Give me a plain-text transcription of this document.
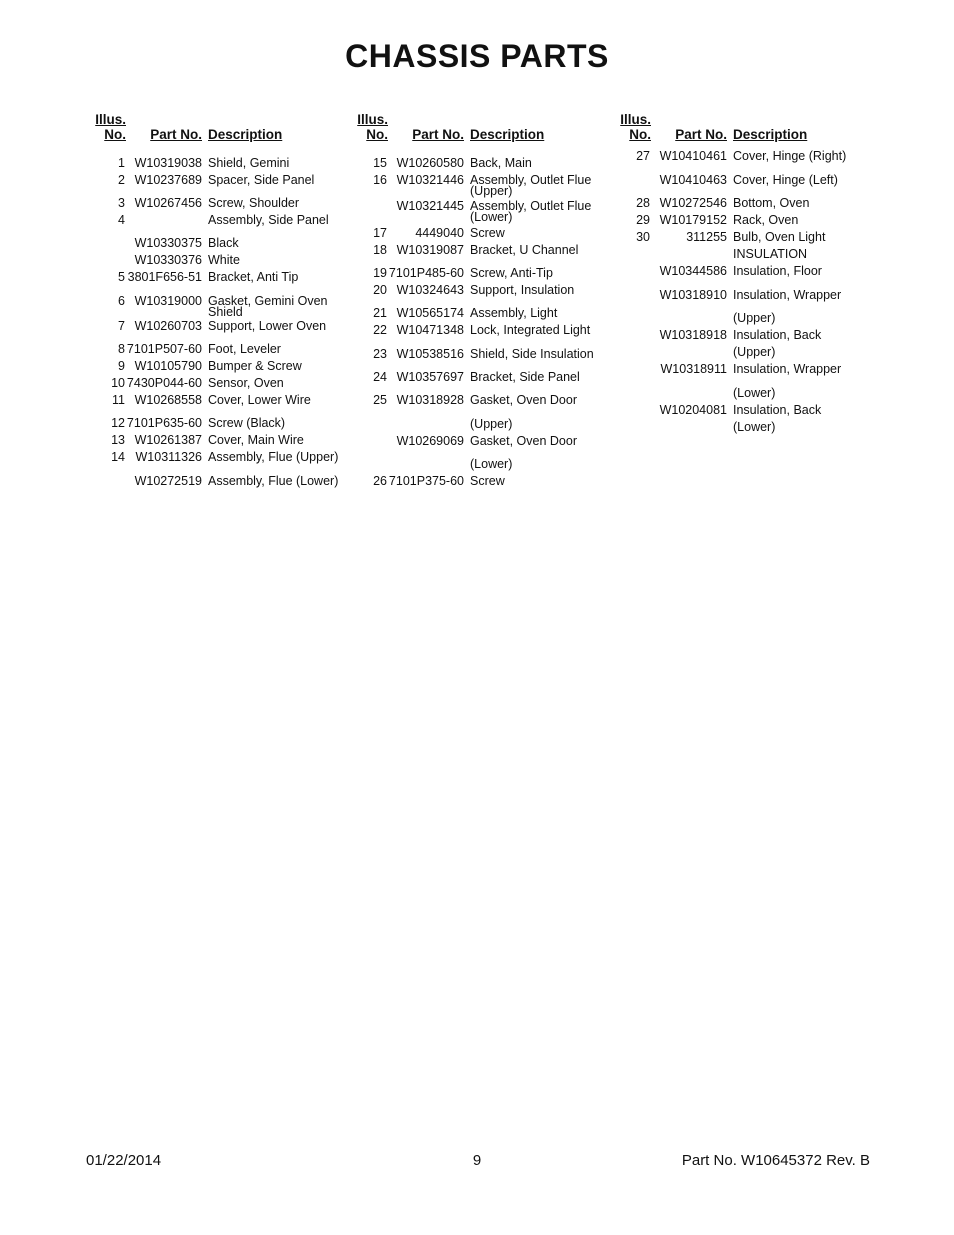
CHASSIS PARTS
Illus.
No.	Part No. Description
1 W10319038 Shield, Gemini
2 W10237689 Spacer, Side Panel
3 W10267456 Screw, Shoulder
4	Assembly, Side Panel
W10330375 Black
W10330376 White
5 3801F656-51 Bracket, Anti Tip
6 W10319000 Gasket, Gemini Oven
Shield
7 W10260703 Support, Lower Oven
8 7101P507-60 Foot, Leveler
9 W10105790 Bumper & Screw
10 7430P044-60 Sensor, Oven
11 W10268558 Cover, Lower Wire
12 7101P635-60 Screw (Black)
13 W10261387 Cover, Main Wire
14 W10311326 Assembly, Flue (Upper)
W10272519 Assembly, Flue (Lower)
Illus.
No.	Part No. Description
15 W10260580 Back, Main
16 W10321446 Assembly, Outlet Flue
(Upper)
W10321445 Assembly, Outlet Flue
(Lower)
17	4449040 Screw
18 W10319087 Bracket, U Channel
19 7101P485-60 Screw, Anti-Tip
20 W10324643 Support, Insulation
21 W10565174 Assembly, Light
22 W10471348 Lock, Integrated Light
23 W10538516 Shield, Side Insulation
24 W10357697 Bracket, Side Panel
25 W10318928 Gasket, Oven Door
(Upper)
W10269069 Gasket, Oven Door
(Lower)
26 7101P375-60 Screw
Illus.
No.	Part No. Description
27 W10410461 Cover, Hinge (Right)
W10410463 Cover, Hinge (Left)
28 W10272546 Bottom, Oven
29 W10179152 Rack, Oven
30	311255 Bulb, Oven Light
INSULATION
W10344586 Insulation, Floor
W10318910 Insulation, Wrapper
(Upper)
W10318918 Insulation, Back
(Upper)
W10318911 Insulation, Wrapper
(Lower)
W10204081 Insulation, Back
(Lower)
01/22/2014	9	Part No. W10645372 Rev. B
